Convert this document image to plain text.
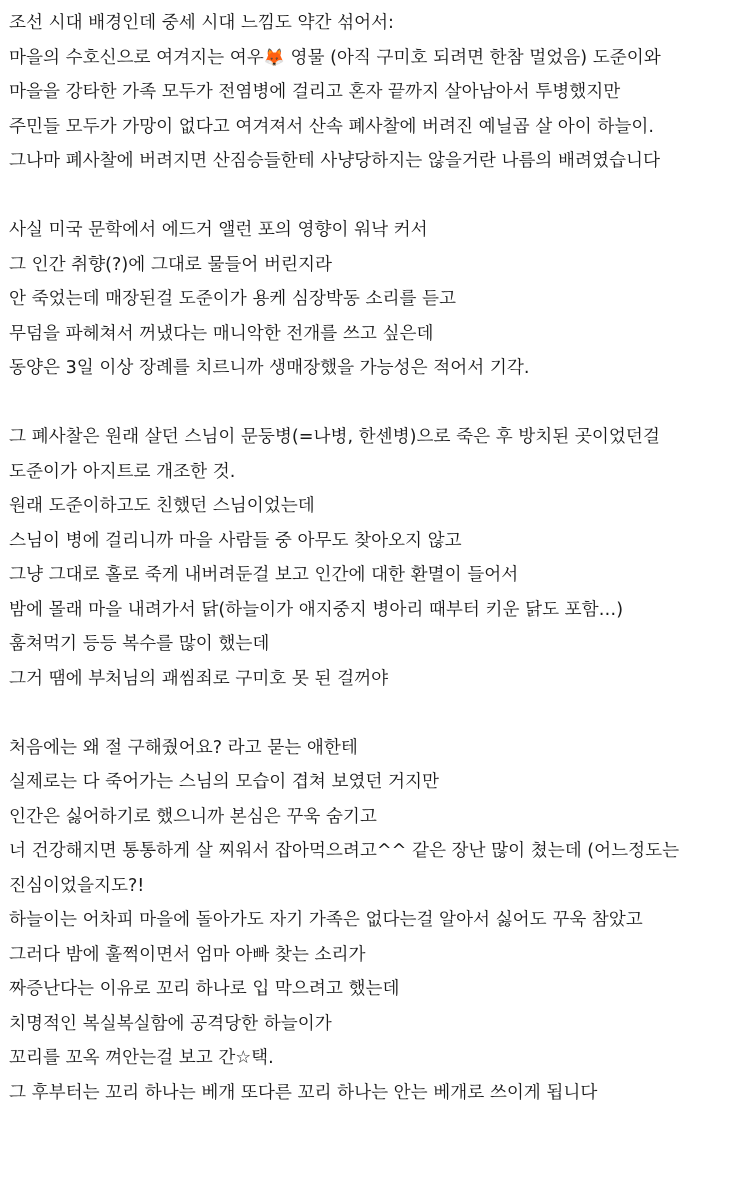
조선 시대 배경인데 중세 시대 느낌도 약간 섞어서:
마을의 수호신으로 여겨지는 여우🦊 영물 (아직 구미호 되려면 한참 멀었음) 도준이와
마을을 강타한 가족 모두가 전염병에 걸리고 혼자 끝까지 살아남아서 투병했지만
주민들 모두가 가망이 없다고 여겨져서 산속 폐사찰에 버려진 예닐곱 살 아이 하늘이.
그나마 폐사찰에 버려지면 산짐승들한테 사냥당하지는 않을거란 나름의 배려였습니다
사실 미국 문학에서 에드거 앨런 포의 영향이 워낙 커서
그 인간 취향(?)에 그대로 물들어 버린지라
안 죽었는데 매장된걸 도준이가 용케 심장박동 소리를 듣고
무덤을 파헤쳐서 꺼냈다는 매니악한 전개를 쓰고 싶은데
동양은 3일 이상 장례를 치르니까 생매장했을 가능성은 적어서 기각.
그 폐사찰은 원래 살던 스님이 문둥병(=나병, 한센병)으로 죽은 후 방치된 곳이었던걸
도준이가 아지트로 개조한 것.
원래 도준이하고도 친했던 스님이었는데
스님이 병에 걸리니까 마을 사람들 중 아무도 찾아오지 않고
그냥 그대로 홀로 죽게 내버려둔걸 보고 인간에 대한 환멸이 들어서
밤에 몰래 마을 내려가서 닭(하늘이가 애지중지 병아리 때부터 키운 닭도 포함…)
훔쳐먹기 등등 복수를 많이 했는데
그거 땜에 부처님의 괘씸죄로 구미호 못 된 걸꺼야
처음에는 왜 절 구해줬어요? 라고 묻는 애한테
실제로는 다 죽어가는 스님의 모습이 겹쳐 보였던 거지만
인간은 싫어하기로 했으니까 본심은 꾸욱 숨기고
너 건강해지면 통통하게 살 찌워서 잡아먹으려고^^ 같은 장난 많이 쳤는데 (어느정도는
진심이었을지도?!
하늘이는 어차피 마을에 돌아가도 자기 가족은 없다는걸 알아서 싫어도 꾸욱 참았고
그러다 밤에 훌쩍이면서 엄마 아빠 찾는 소리가
짜증난다는 이유로 꼬리 하나로 입 막으려고 했는데
치명적인 복실복실함에 공격당한 하늘이가
꼬리를 꼬옥 껴안는걸 보고 간☆택.
그 후부터는 꼬리 하나는 베개 또다른 꼬리 하나는 안는 베개로 쓰이게 됩니다
